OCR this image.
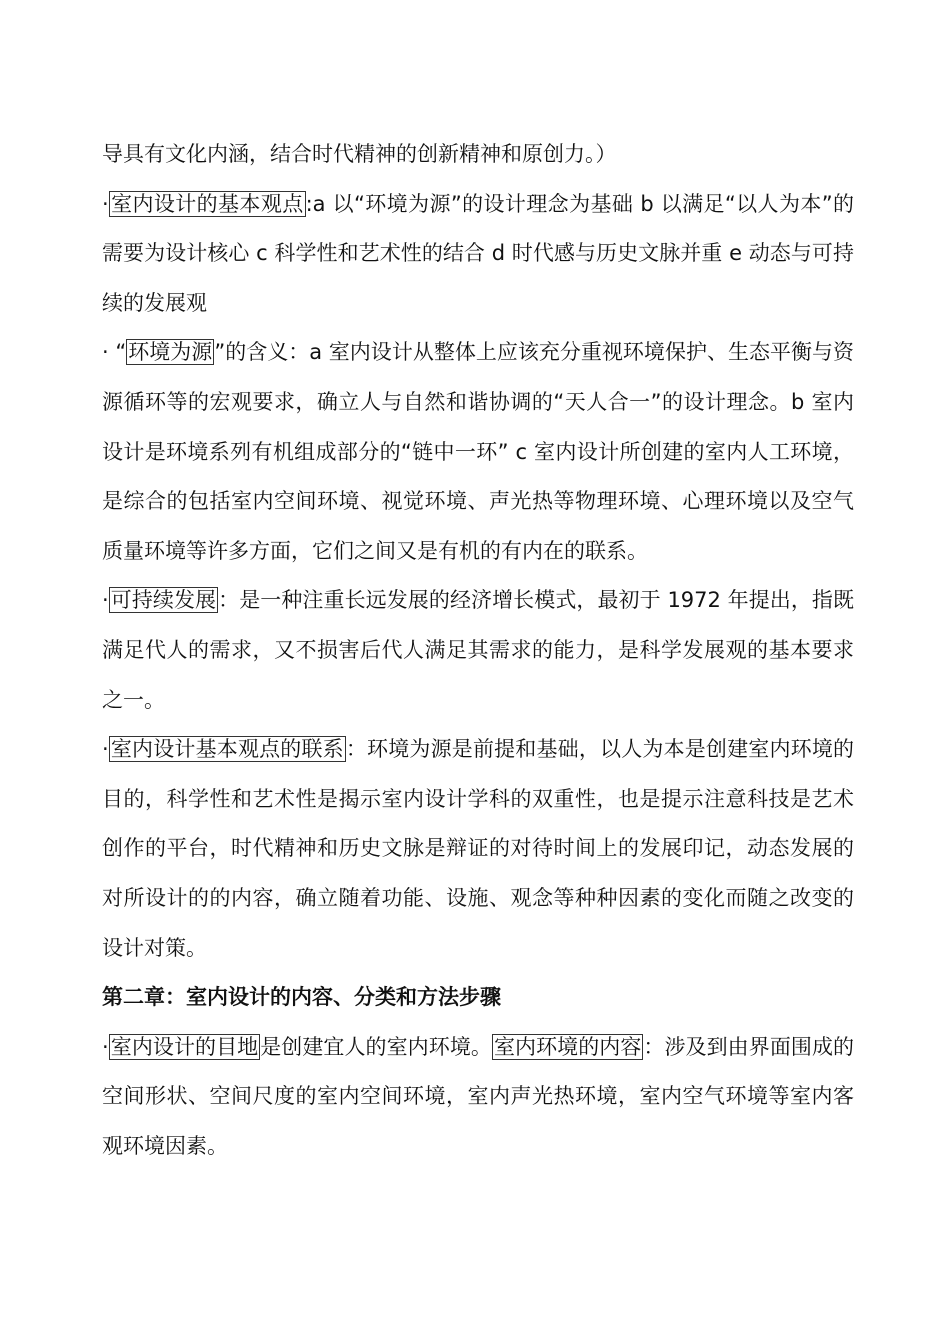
导具有文化内涵，结合时代精神的创新精神和原创力。）

·室内设计的基本观点:a 以“环境为源”的设计理念为基础 b 以满足“以人为本”的需要为设计核心 c 科学性和艺术性的结合 d 时代感与历史文脉并重 e 动态与可持续的发展观

· “环境为源”的含义：a 室内设计从整体上应该充分重视环境保护、生态平衡与资源循环等的宏观要求，确立人与自然和谐协调的“天人合一”的设计理念。b 室内设计是环境系列有机组成部分的“链中一环” c 室内设计所创建的室内人工环境，是综合的包括室内空间环境、视觉环境、声光热等物理环境、心理环境以及空气质量环境等许多方面，它们之间又是有机的有内在的联系。

·可持续发展：是一种注重长远发展的经济增长模式，最初于 1972 年提出，指既满足代人的需求，又不损害后代人满足其需求的能力，是科学发展观的基本要求之一。

·室内设计基本观点的联系：环境为源是前提和基础，以人为本是创建室内环境的目的，科学性和艺术性是揭示室内设计学科的双重性，也是提示注意科技是艺术创作的平台，时代精神和历史文脉是辩证的对待时间上的发展印记，动态发展的对所设计的的内容，确立随着功能、设施、观念等种种因素的变化而随之改变的设计对策。

第二章：室内设计的内容、分类和方法步骤

·室内设计的目地是创建宜人的室内环境。室内环境的内容：涉及到由界面围成的空间形状、空间尺度的室内空间环境，室内声光热环境，室内空气环境等室内客观环境因素。
